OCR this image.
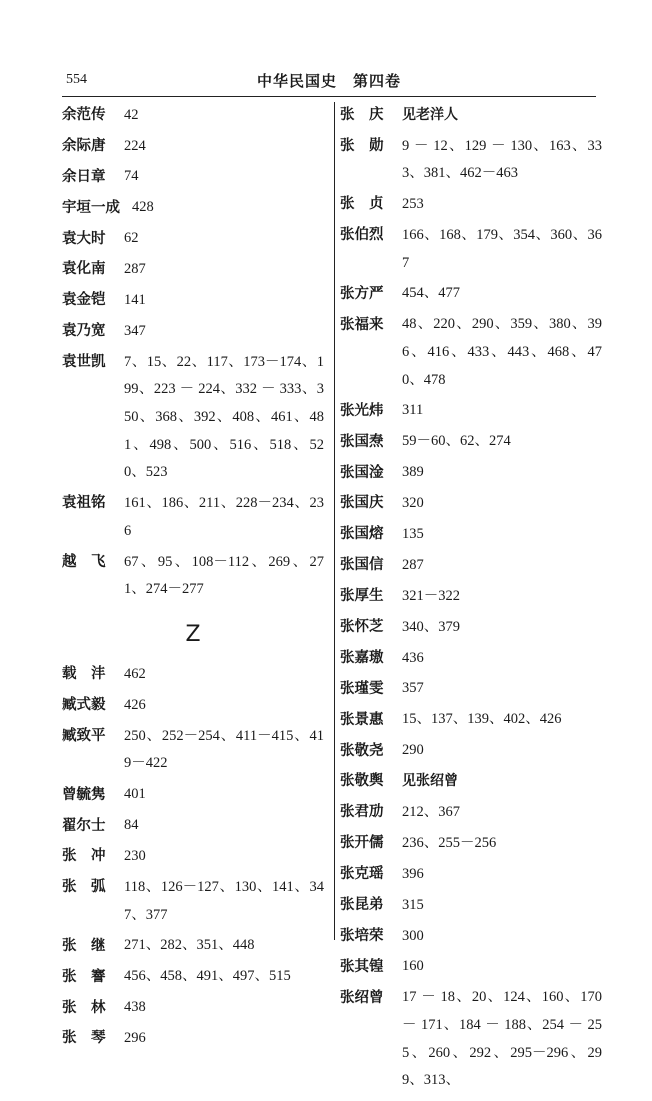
554	中华民国史　第四卷
余范传	42
余际唐	224
余日章	74
宇垣一成 428
袁大时	62
袁化南	287
袁金铠	141
袁乃宽	347
袁世凯	7、15、22、117、173－174、199、223 － 224、332 － 333、350、368、392、408、461、481、498、500、516、518、520、523
袁祖铭	161、186、211、228－234、236
越　飞	67、95、108－112、269、271、274－277
Z
载　沣	462
臧式毅	426
臧致平	250、252－254、411－415、419－422
曾毓隽	401
翟尔士	84
张　冲	230
张　弧	118、126－127、130、141、347、377
张　继	271、282、351、448
张　謇	456、458、491、497、515
张　林	438
张　琴	296
张　庆	见老洋人
张　勋	9 － 12、129 － 130、163、333、381、462－463
张　贞	253
张伯烈	166、168、179、354、360、367
张方严	454、477
张福来	48、220、290、359、380、396、416、433、443、468、470、478
张光炜	311
张国焘	59－60、62、274
张国淦	389
张国庆	320
张国熔	135
张国信	287
张厚生	321－322
张怀芝	340、379
张嘉璈	436
张瑾雯	357
张景惠	15、137、139、402、426
张敬尧	290
张敬舆	见张绍曾
张君劢	212、367
张开儒	236、255－256
张克瑶	396
张昆弟	315
张培荣	300
张其锽	160
张绍曾	17 － 18、20、124、160、170 － 171、184 － 188、254 － 255、260、292、295－296、299、313、
